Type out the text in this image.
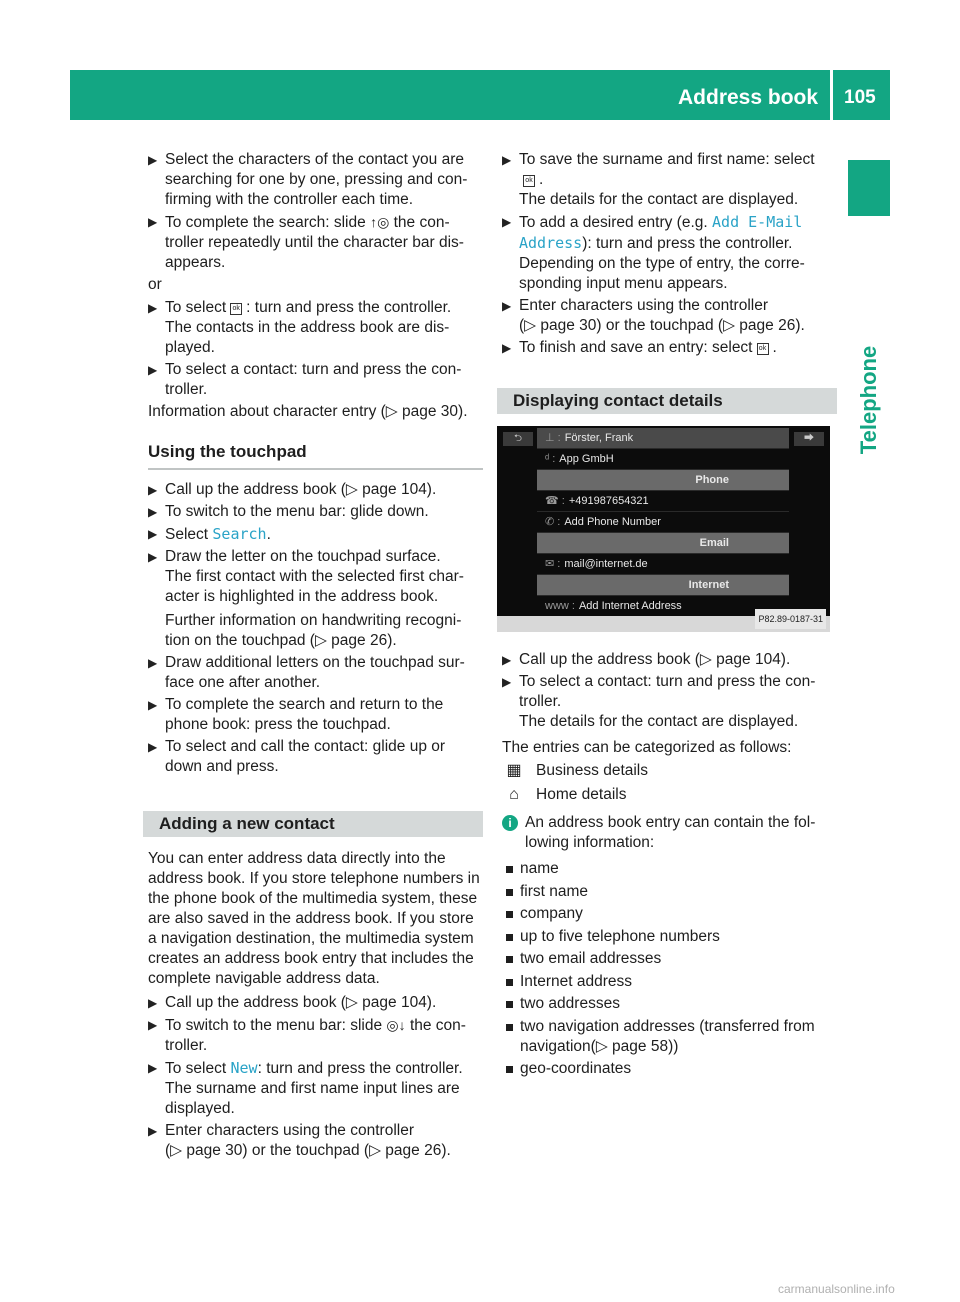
Address book 105
Telephone
▶
Select the characters of the contact you are
searching for one by one, pressing and con-
firming with the controller each time.
▶
To complete the search: slide ↑◎ the con-
troller repeatedly until the character bar dis-
appears.
or
▶
To select ok : turn and press the controller.
The contacts in the address book are dis-
played.
▶
To select a contact: turn and press the con-
troller.
Information about character entry (▷ page 30).
Using the touchpad
▶
Call up the address book (▷ page 104).
▶
To switch to the menu bar: glide down.
▶
Select Search.
▶
Draw the letter on the touchpad surface.
The first contact with the selected first char-
acter is highlighted in the address book.
Further information on handwriting recogni-
tion on the touchpad (▷ page 26).
▶
Draw additional letters on the touchpad sur-
face one after another.
▶
To complete the search and return to the
phone book: press the touchpad.
▶
To select and call the contact: glide up or
down and press.
Adding a new contact
You can enter address data directly into the
address book. If you store telephone numbers in
the phone book of the multimedia system, these
are also saved in the address book. If you store
a navigation destination, the multimedia system
creates an address book entry that includes the
complete navigable address data.
▶
Call up the address book (▷ page 104).
▶
To switch to the menu bar: slide ◎↓ the con-
troller.
▶
To select New: turn and press the controller.
The surname and first name input lines are
displayed.
▶
Enter characters using the controller
(▷ page 30) or the touchpad (▷ page 26).
▶
To save the surname and first name: select
ok .
The details for the contact are displayed.
▶
To add a desired entry (e.g. Add E-Mail
Address): turn and press the controller.
Depending on the type of entry, the corre-
sponding input menu appears.
▶
Enter characters using the controller
(▷ page 30) or the touchpad (▷ page 26).
▶
To finish and save an entry: select ok .
Displaying contact details
⮌	⮕
⊥ : Förster, Frank
ᵈ : App GmbH
Phone
☎ : +491987654321
✆ : Add Phone Number
Email
✉ : mail@internet.de
Internet
www : Add Internet Address
P82.89-0187-31
▶
Call up the address book (▷ page 104).
▶
To select a contact: turn and press the con-
troller.
The details for the contact are displayed.
The entries can be categorized as follows:
▦ Business details
⌂	Home details
i An address book entry can contain the fol-
lowing information:
name
first name
company
up to five telephone numbers
two email addresses
Internet address
two addresses
two navigation addresses (transferred from
navigation(▷ page 58))
geo-coordinates
carmanualsonline.info
